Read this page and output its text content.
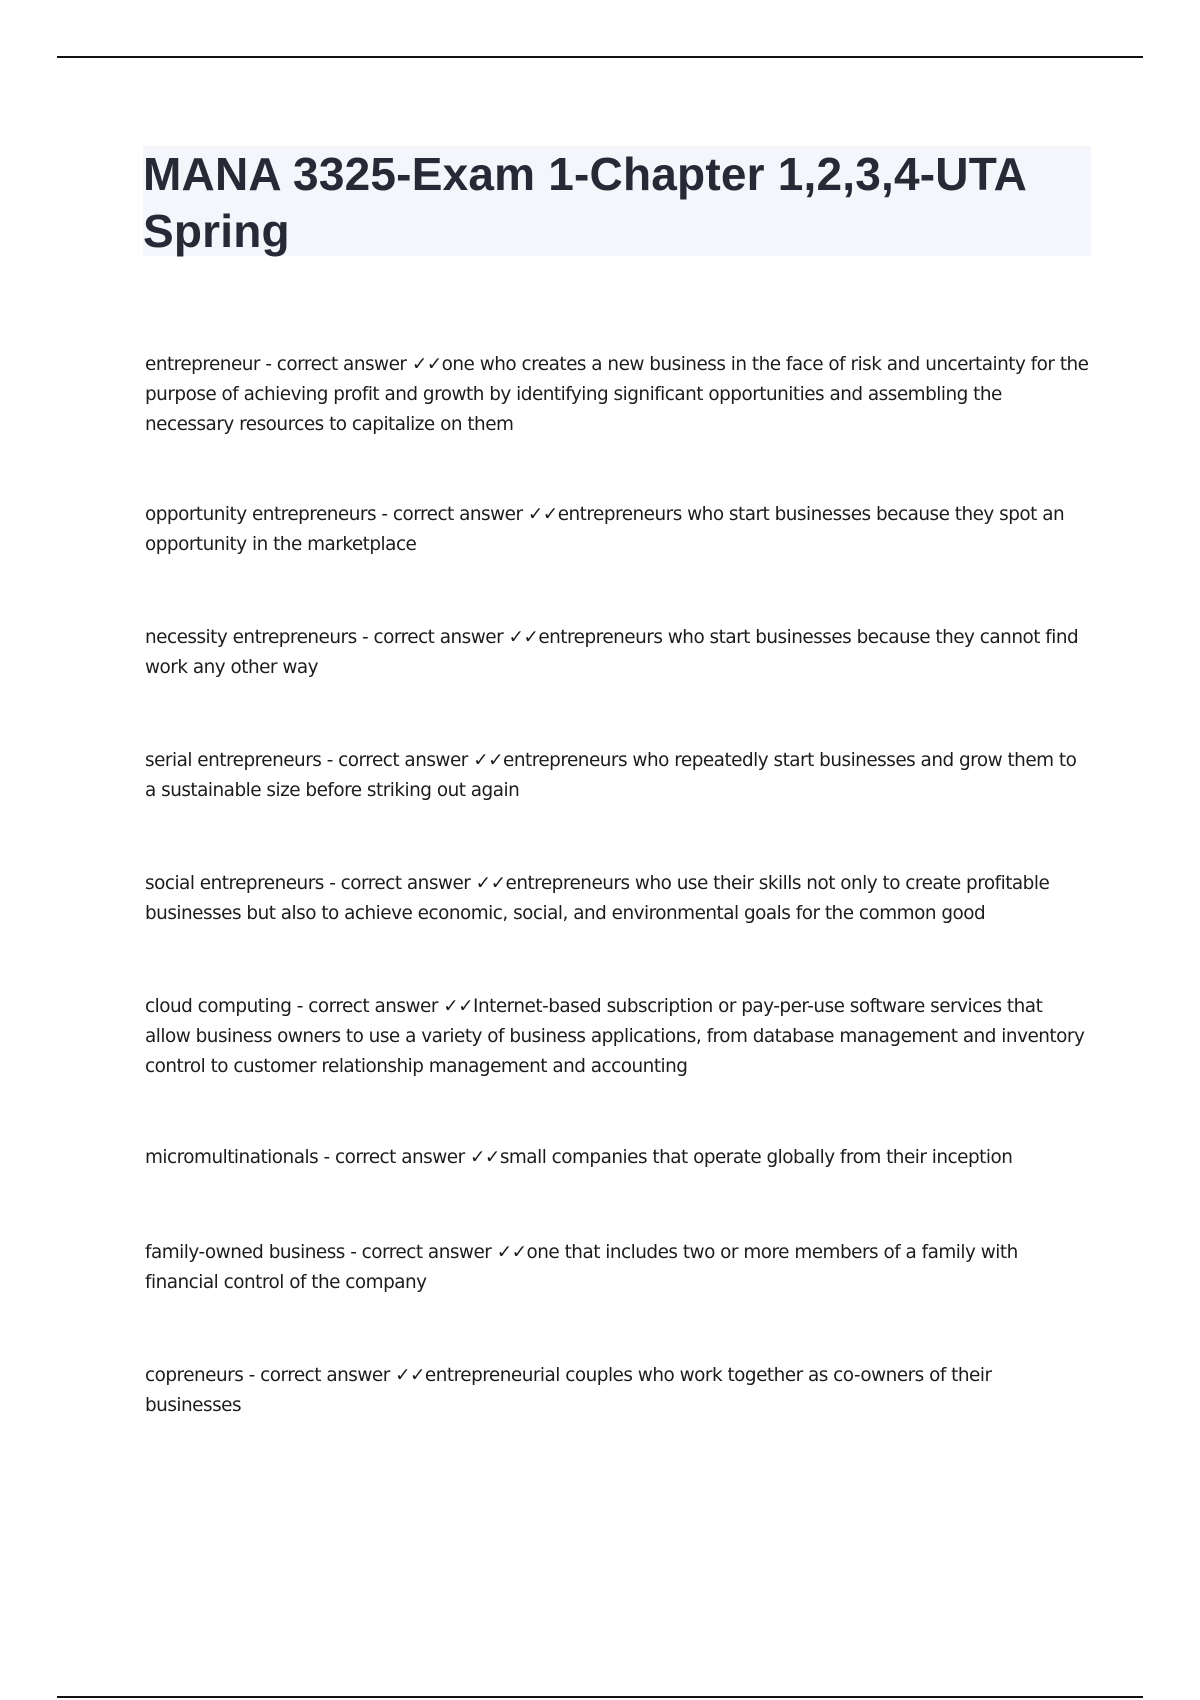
MANA 3325-Exam 1-Chapter 1,2,3,4-UTA Spring
entrepreneur - correct answer ✓✓one who creates a new business in the face of risk and uncertainty for the purpose of achieving profit and growth by identifying significant opportunities and assembling the necessary resources to capitalize on them
opportunity entrepreneurs - correct answer ✓✓entrepreneurs who start businesses because they spot an opportunity in the marketplace
necessity entrepreneurs - correct answer ✓✓entrepreneurs who start businesses because they cannot find work any other way
serial entrepreneurs - correct answer ✓✓entrepreneurs who repeatedly start businesses and grow them to a sustainable size before striking out again
social entrepreneurs - correct answer ✓✓entrepreneurs who use their skills not only to create profitable businesses but also to achieve economic, social, and environmental goals for the common good
cloud computing - correct answer ✓✓Internet-based subscription or pay-per-use software services that allow business owners to use a variety of business applications, from database management and inventory control to customer relationship management and accounting
micromultinationals - correct answer ✓✓small companies that operate globally from their inception
family-owned business - correct answer ✓✓one that includes two or more members of a family with financial control of the company
copreneurs - correct answer ✓✓entrepreneurial couples who work together as co-owners of their businesses
